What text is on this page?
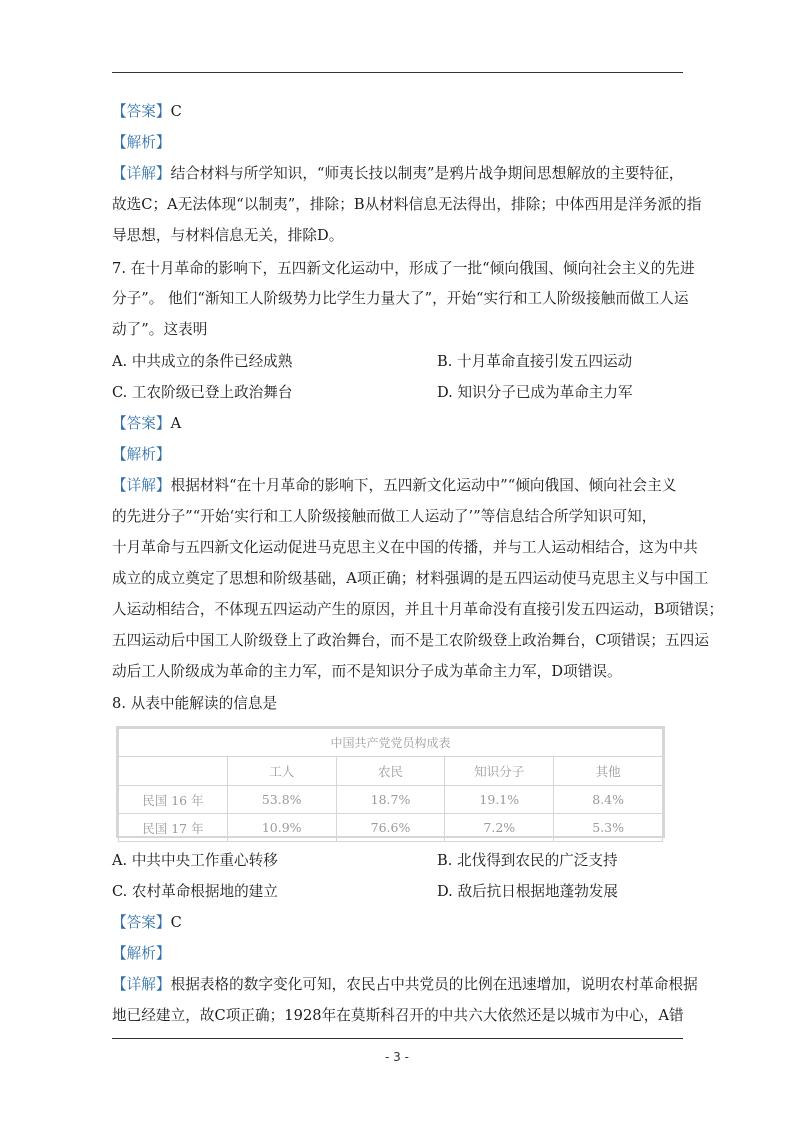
【答案】C
【解析】
【详解】结合材料与所学知识，“师夷长技以制夷”是鸦片战争期间思想解放的主要特征，
故选C；A无法体现“以制夷”，排除；B从材料信息无法得出，排除；中体西用是洋务派的指
导思想，与材料信息无关，排除D。
7. 在十月革命的影响下，五四新文化运动中，形成了一批“倾向俄国、倾向社会主义的先进
分子”。 他们“渐知工人阶级势力比学生力量大了”，开始“实行和工人阶级接触而做工人运
动了”。这表明
A. 中共成立的条件已经成熟	B. 十月革命直接引发五四运动
C. 工农阶级已登上政治舞台	D. 知识分子已成为革命主力军
【答案】A
【解析】
【详解】根据材料“在十月革命的影响下，五四新文化运动中”“倾向俄国、倾向社会主义
的先进分子”“开始‘实行和工人阶级接触而做工人运动了’”等信息结合所学知识可知，
十月革命与五四新文化运动促进马克思主义在中国的传播，并与工人运动相结合，这为中共
成立的成立奠定了思想和阶级基础，A项正确；材料强调的是五四运动使马克思主义与中国工
人运动相结合，不体现五四运动产生的原因，并且十月革命没有直接引发五四运动，B项错误；
五四运动后中国工人阶级登上了政治舞台，而不是工农阶级登上政治舞台，C项错误；五四运
动后工人阶级成为革命的主力军，而不是知识分子成为革命主力军，D项错误。
8. 从表中能解读的信息是
中国共产党党员构成表				
	工人	农民	知识分子	其他
民国 16 年	53.8%	18.7%	19.1%	8.4%
民国 17 年	10.9%	76.6%	7.2%	5.3%
A. 中共中央工作重心转移	B. 北伐得到农民的广泛支持
C. 农村革命根据地的建立	D. 敌后抗日根据地蓬勃发展
【答案】C
【解析】
【详解】根据表格的数字变化可知，农民占中共党员的比例在迅速增加，说明农村革命根据
地已经建立，故C项正确；1928年在莫斯科召开的中共六大依然还是以城市为中心，A错
- 3 -
